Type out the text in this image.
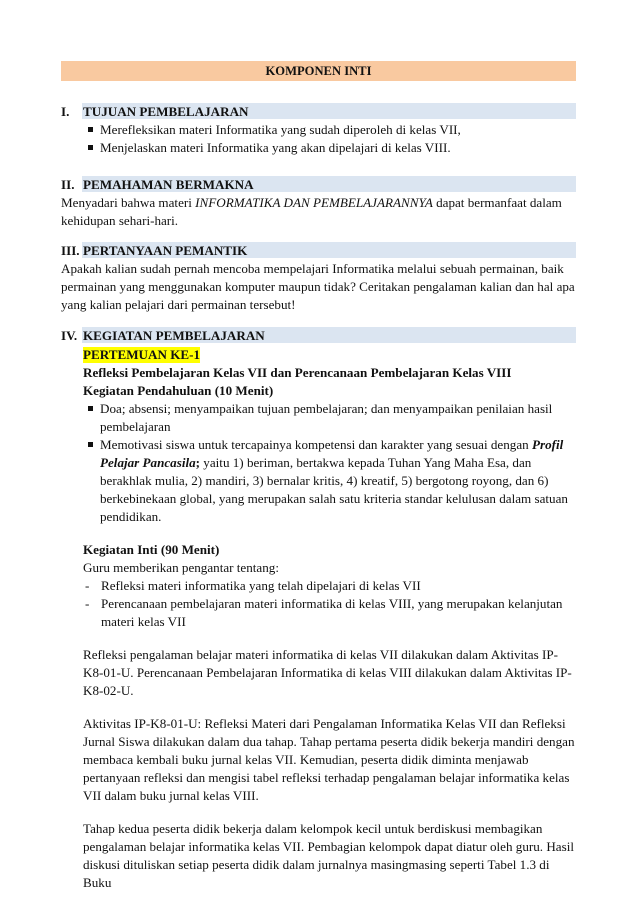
KOMPONEN INTI
I. TUJUAN PEMBELAJARAN
Merefleksikan materi Informatika yang sudah diperoleh di kelas VII,
Menjelaskan materi Informatika yang akan dipelajari di kelas VIII.
II. PEMAHAMAN BERMAKNA

Menyadari bahwa materi INFORMATIKA DAN PEMBELAJARANNYA dapat bermanfaat dalam kehidupan sehari-hari.

III. PERTANYAAN PEMANTIK

Apakah kalian sudah pernah mencoba mempelajari Informatika melalui sebuah permainan, baik permainan yang menggunakan komputer maupun tidak? Ceritakan pengalaman kalian dan hal apa yang kalian pelajari dari permainan tersebut!

IV. KEGIATAN PEMBELAJARAN
PERTEMUAN KE-1
Refleksi Pembelajaran Kelas VII dan Perencanaan Pembelajaran Kelas VIII
Kegiatan Pendahuluan (10 Menit)
Doa; absensi; menyampaikan tujuan pembelajaran; dan menyampaikan penilaian hasil pembelajaran
Memotivasi siswa untuk tercapainya kompetensi dan karakter yang sesuai dengan Profil Pelajar Pancasila; yaitu 1) beriman, bertakwa kepada Tuhan Yang Maha Esa, dan berakhlak mulia, 2) mandiri, 3) bernalar kritis, 4) kreatif, 5) bergotong royong, dan 6) berkebinekaan global, yang merupakan salah satu kriteria standar kelulusan dalam satuan pendidikan.
Kegiatan Inti (90 Menit)
Guru memberikan pengantar tentang:
- Refleksi materi informatika yang telah dipelajari di kelas VII
- Perencanaan pembelajaran materi informatika di kelas VIII, yang merupakan kelanjutan materi kelas VII

Refleksi pengalaman belajar materi informatika di kelas VII dilakukan dalam Aktivitas IP-K8-01-U. Perencanaan Pembelajaran Informatika di kelas VIII dilakukan dalam Aktivitas IP-K8-02-U.

Aktivitas IP-K8-01-U: Refleksi Materi dari Pengalaman Informatika Kelas VII dan Refleksi Jurnal Siswa dilakukan dalam dua tahap. Tahap pertama peserta didik bekerja mandiri dengan membaca kembali buku jurnal kelas VII. Kemudian, peserta didik diminta menjawab pertanyaan refleksi dan mengisi tabel refleksi terhadap pengalaman belajar informatika kelas VII dalam buku jurnal kelas VIII.

Tahap kedua peserta didik bekerja dalam kelompok kecil untuk berdiskusi membagikan pengalaman belajar informatika kelas VII. Pembagian kelompok dapat diatur oleh guru. Hasil diskusi dituliskan setiap peserta didik dalam jurnalnya masingmasing seperti Tabel 1.3 di Buku
